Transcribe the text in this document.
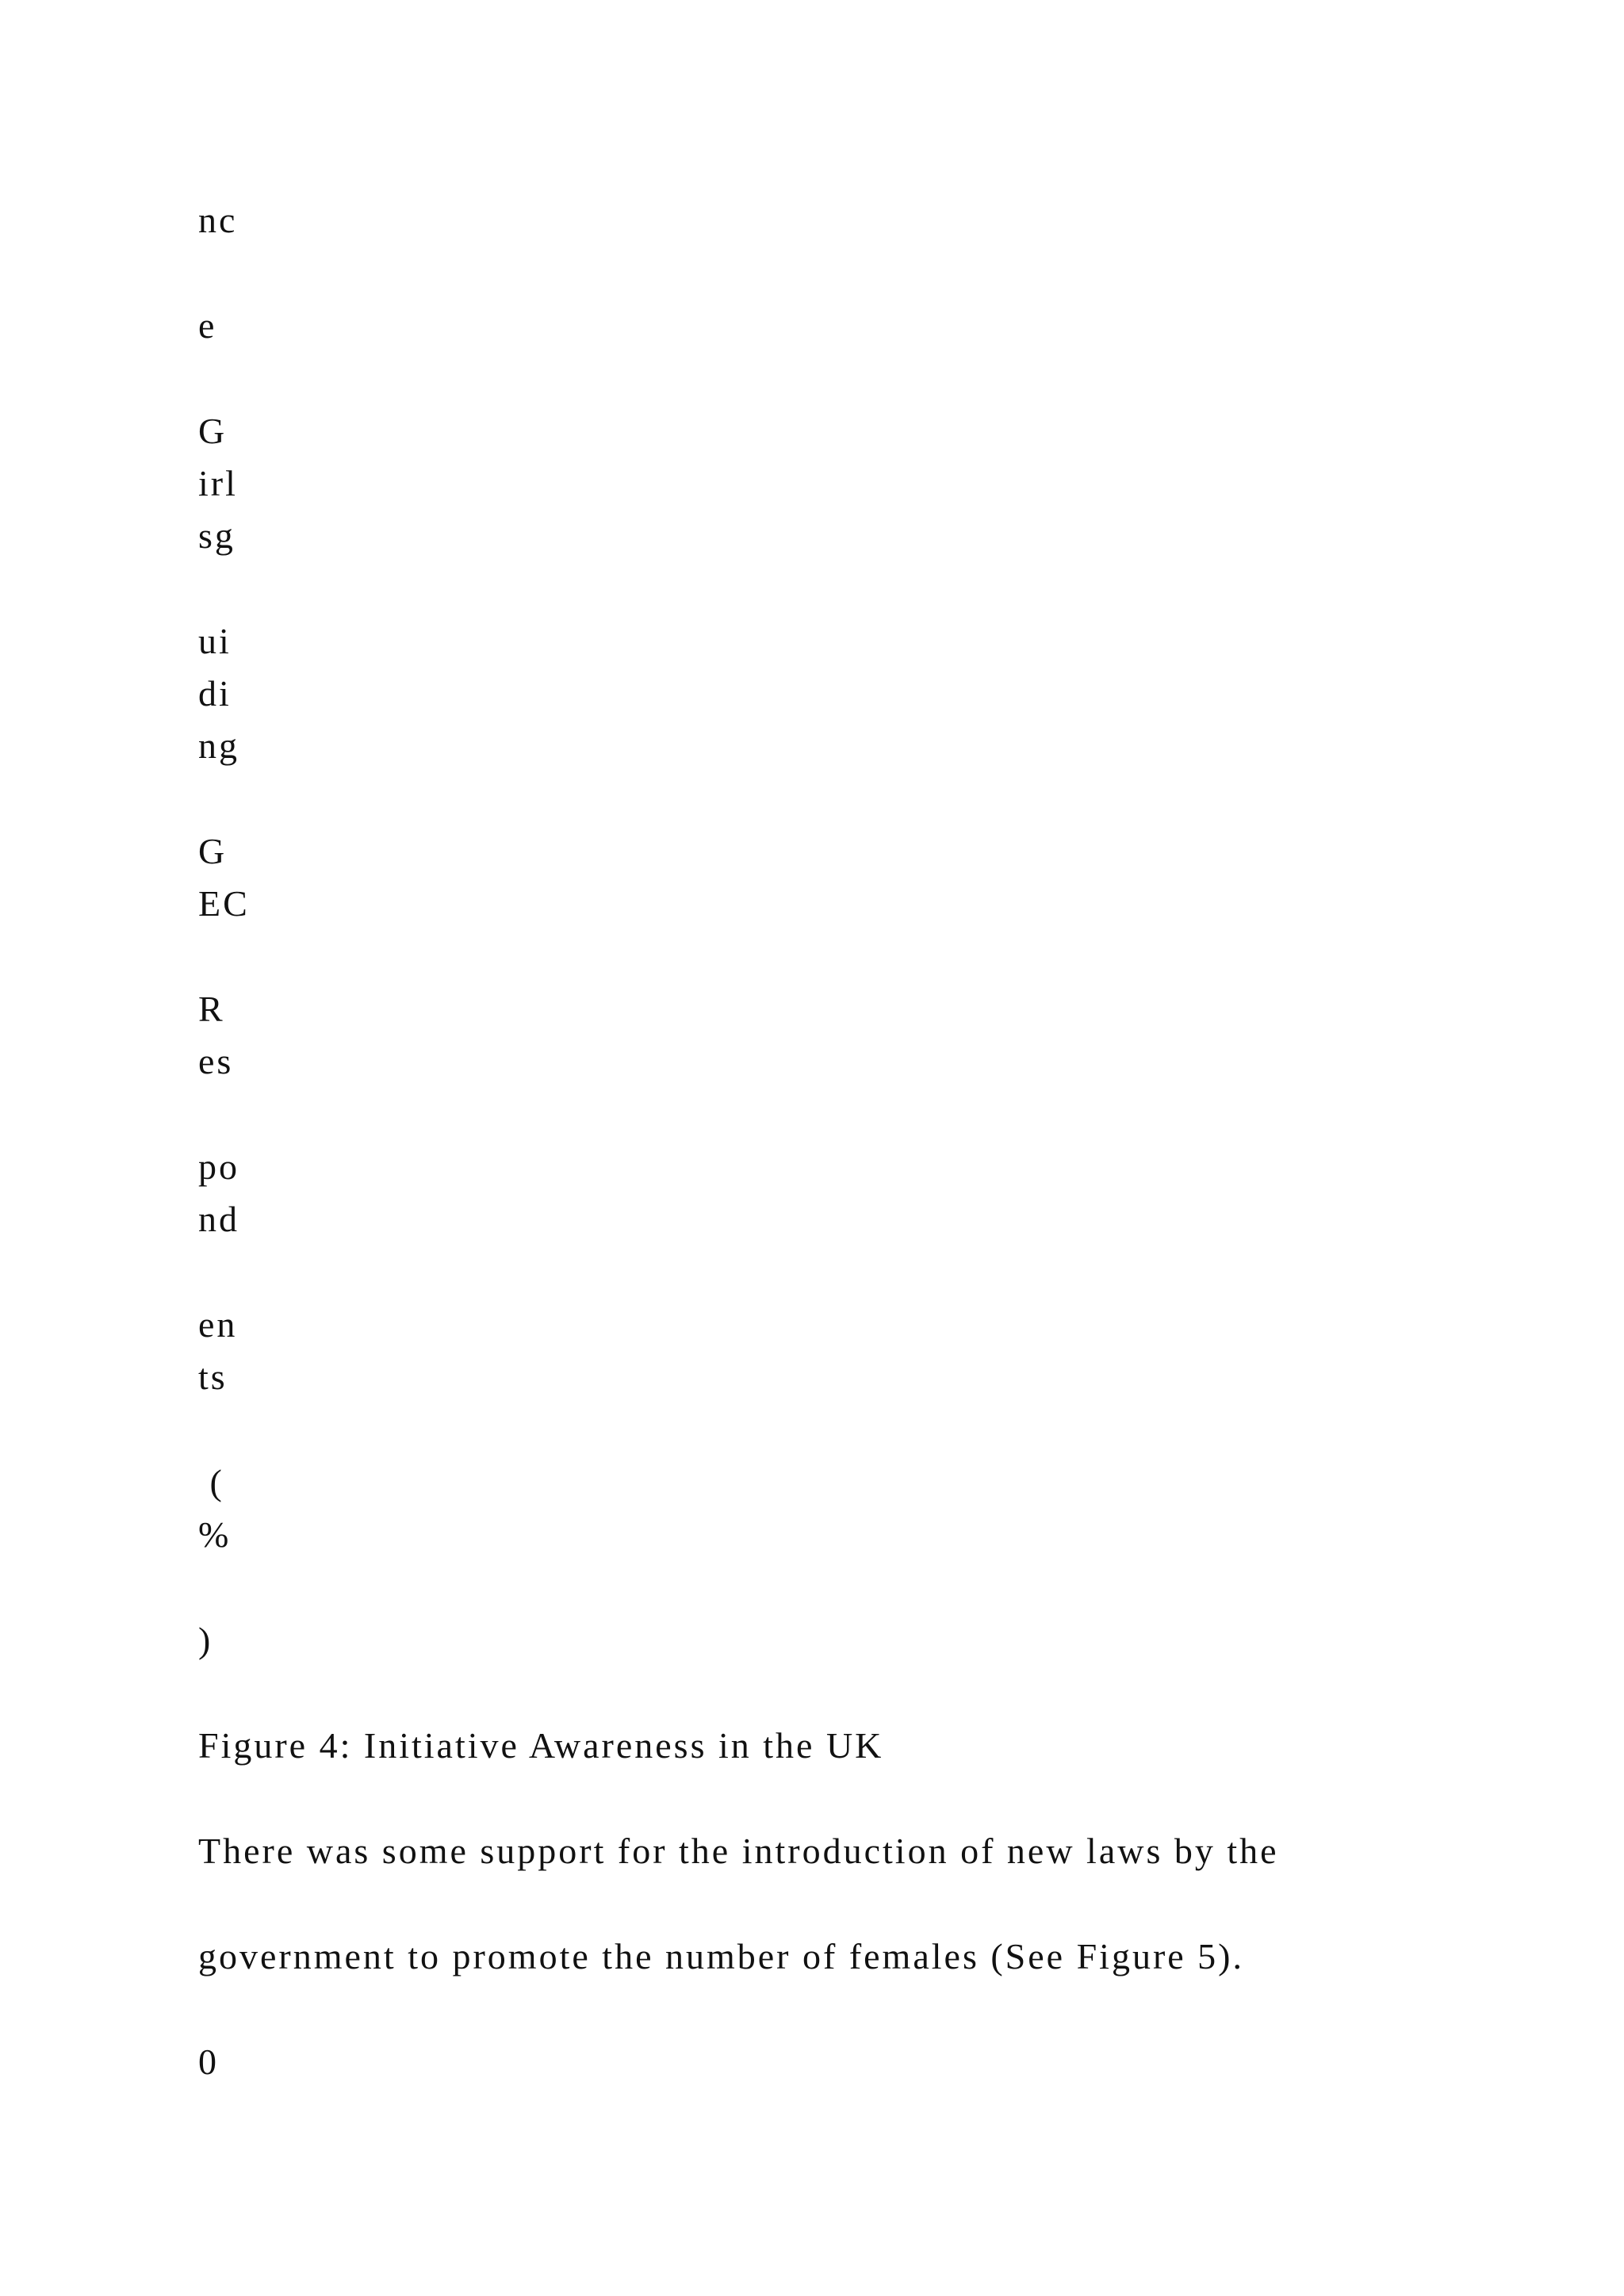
nc
e
G
irl
sg
ui
di
ng
G
EC
R
es
po
nd
en
ts
(
%
)
Figure 4: Initiative Awareness in the UK
There was some support for the introduction of new laws by the
government to promote the number of females (See Figure 5).
0
